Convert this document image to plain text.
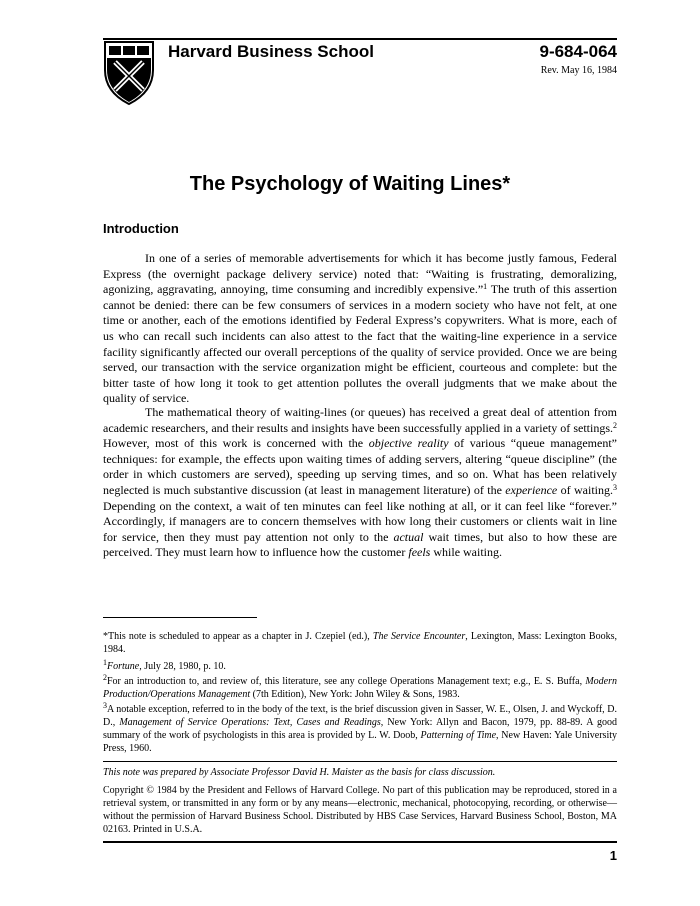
Harvard Business School	9-684-064
Rev. May 16, 1984
The Psychology of Waiting Lines*
Introduction
In one of a series of memorable advertisements for which it has become justly famous, Federal Express (the overnight package delivery service) noted that: “Waiting is frustrating, demoralizing, agonizing, aggravating, annoying, time consuming and incredibly expensive.”$^1$ The truth of this assertion cannot be denied: there can be few consumers of services in a modern society who have not felt, at one time or another, each of the emotions identified by Federal Express’s copywriters. What is more, each of us who can recall such incidents can also attest to the fact that the waiting-line experience in a service facility significantly affected our overall perceptions of the quality of service provided. Once we are being served, our transaction with the service organization might be efficient, courteous and complete: but the bitter taste of how long it took to get attention pollutes the overall judgments that we make about the quality of service.
The mathematical theory of waiting-lines (or queues) has received a great deal of attention from academic researchers, and their results and insights have been successfully applied in a variety of settings.$^2$ However, most of this work is concerned with the objective reality of various “queue management” techniques: for example, the effects upon waiting times of adding servers, altering “queue discipline” (the order in which customers are served), speeding up serving times, and so on. What has been relatively neglected is much substantive discussion (at least in management literature) of the experience of waiting.$^3$ Depending on the context, a wait of ten minutes can feel like nothing at all, or it can feel like “forever.” Accordingly, if managers are to concern themselves with how long their customers or clients wait in line for service, then they must pay attention not only to the actual wait times, but also to how these are perceived. They must learn how to influence how the customer feels while waiting.
*This note is scheduled to appear as a chapter in J. Czepiel (ed.), The Service Encounter, Lexington, Mass: Lexington Books, 1984.
$^1$Fortune, July 28, 1980, p. 10.
$^2$For an introduction to, and review of, this literature, see any college Operations Management text; e.g., E. S. Buffa, Modern Production/Operations Management (7th Edition), New York: John Wiley & Sons, 1983.
$^3$A notable exception, referred to in the body of the text, is the brief discussion given in Sasser, W. E., Olsen, J. and Wyckoff, D. D., Management of Service Operations: Text, Cases and Readings, New York: Allyn and Bacon, 1979, pp. 88-89. A good summary of the work of psychologists in this area is provided by L. W. Doob, Patterning of Time, New Haven: Yale University Press, 1960.
This note was prepared by Associate Professor David H. Maister as the basis for class discussion.
Copyright © 1984 by the President and Fellows of Harvard College. No part of this publication may be reproduced, stored in a retrieval system, or transmitted in any form or by any means—electronic, mechanical, photocopying, recording, or otherwise—without the permission of Harvard Business School. Distributed by HBS Case Services, Harvard Business School, Boston, MA 02163. Printed in U.S.A.
1
